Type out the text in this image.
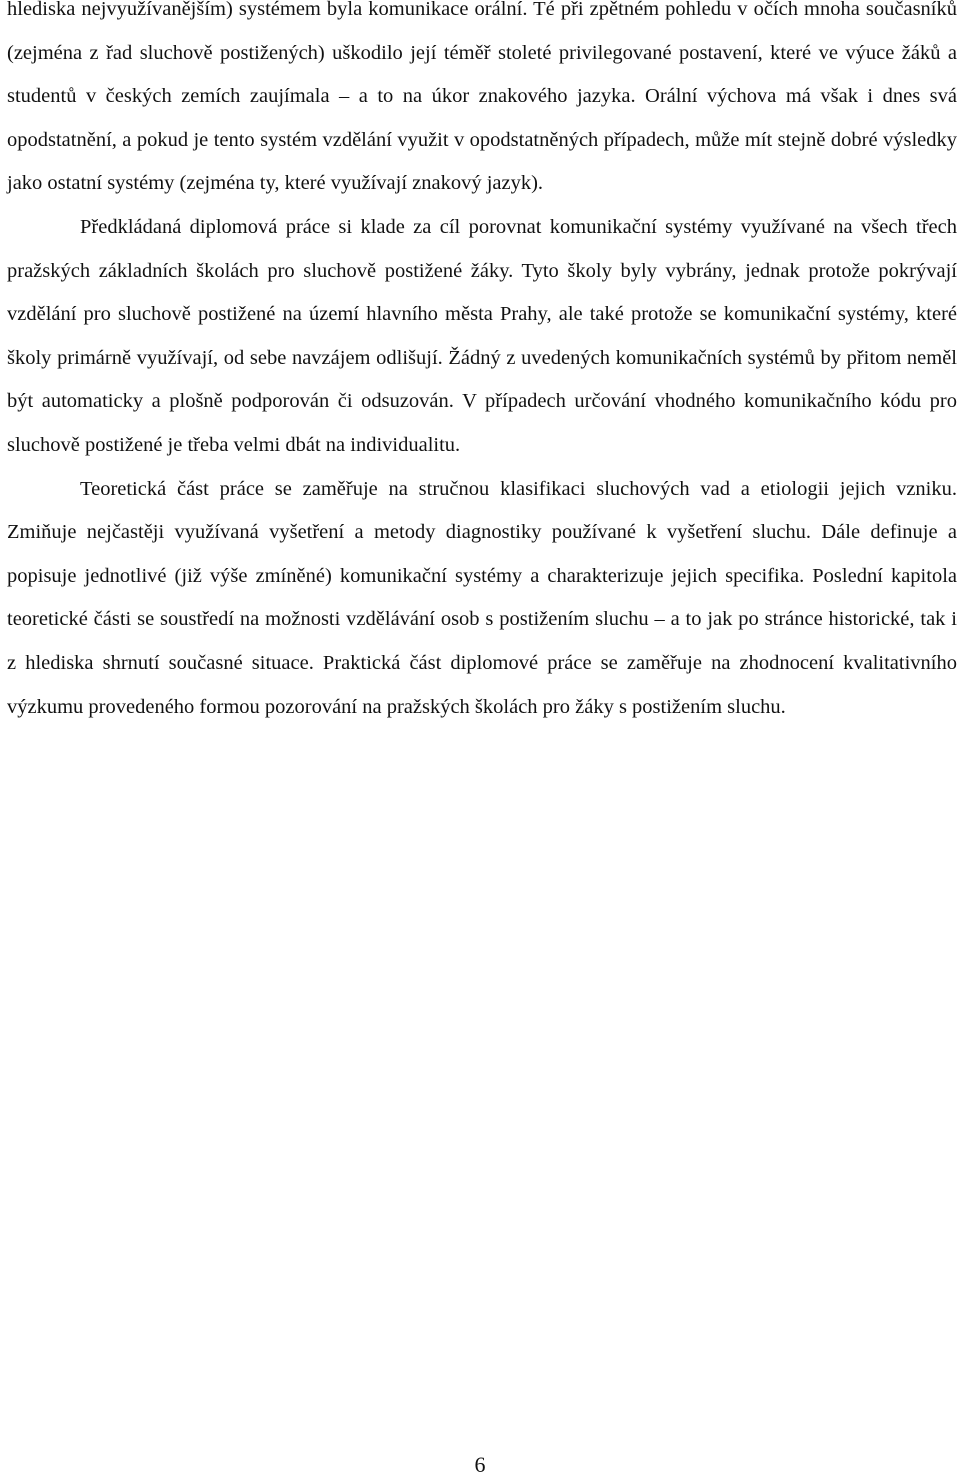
hlediska nejvyužívanějším) systémem byla komunikace orální. Té při zpětném pohledu v očích mnoha současníků (zejména z řad sluchově postižených) uškodilo její téměř stoleté privilegované postavení, které ve výuce žáků a studentů v českých zemích zaujímala – a to na úkor znakového jazyka. Orální výchova má však i dnes svá opodstatnění, a pokud je tento systém vzdělání využit v opodstatněných případech, může mít stejně dobré výsledky jako ostatní systémy (zejména ty, které využívají znakový jazyk).

Předkládaná diplomová práce si klade za cíl porovnat komunikační systémy využívané na všech třech pražských základních školách pro sluchově postižené žáky. Tyto školy byly vybrány, jednak protože pokrývají vzdělání pro sluchově postižené na území hlavního města Prahy, ale také protože se komunikační systémy, které školy primárně využívají, od sebe navzájem odlišují. Žádný z uvedených komunikačních systémů by přitom neměl být automaticky a plošně podporován či odsuzován. V případech určování vhodného komunikačního kódu pro sluchově postižené je třeba velmi dbát na individualitu.

Teoretická část práce se zaměřuje na stručnou klasifikaci sluchových vad a etiologii jejich vzniku. Zmiňuje nejčastěji využívaná vyšetření a metody diagnostiky používané k vyšetření sluchu. Dále definuje a popisuje jednotlivé (již výše zmíněné) komunikační systémy a charakterizuje jejich specifika. Poslední kapitola teoretické části se soustředí na možnosti vzdělávání osob s postižením sluchu – a to jak po stránce historické, tak i z hlediska shrnutí současné situace. Praktická část diplomové práce se zaměřuje na zhodnocení kvalitativního výzkumu provedeného formou pozorování na pražských školách pro žáky s postižením sluchu.

6
